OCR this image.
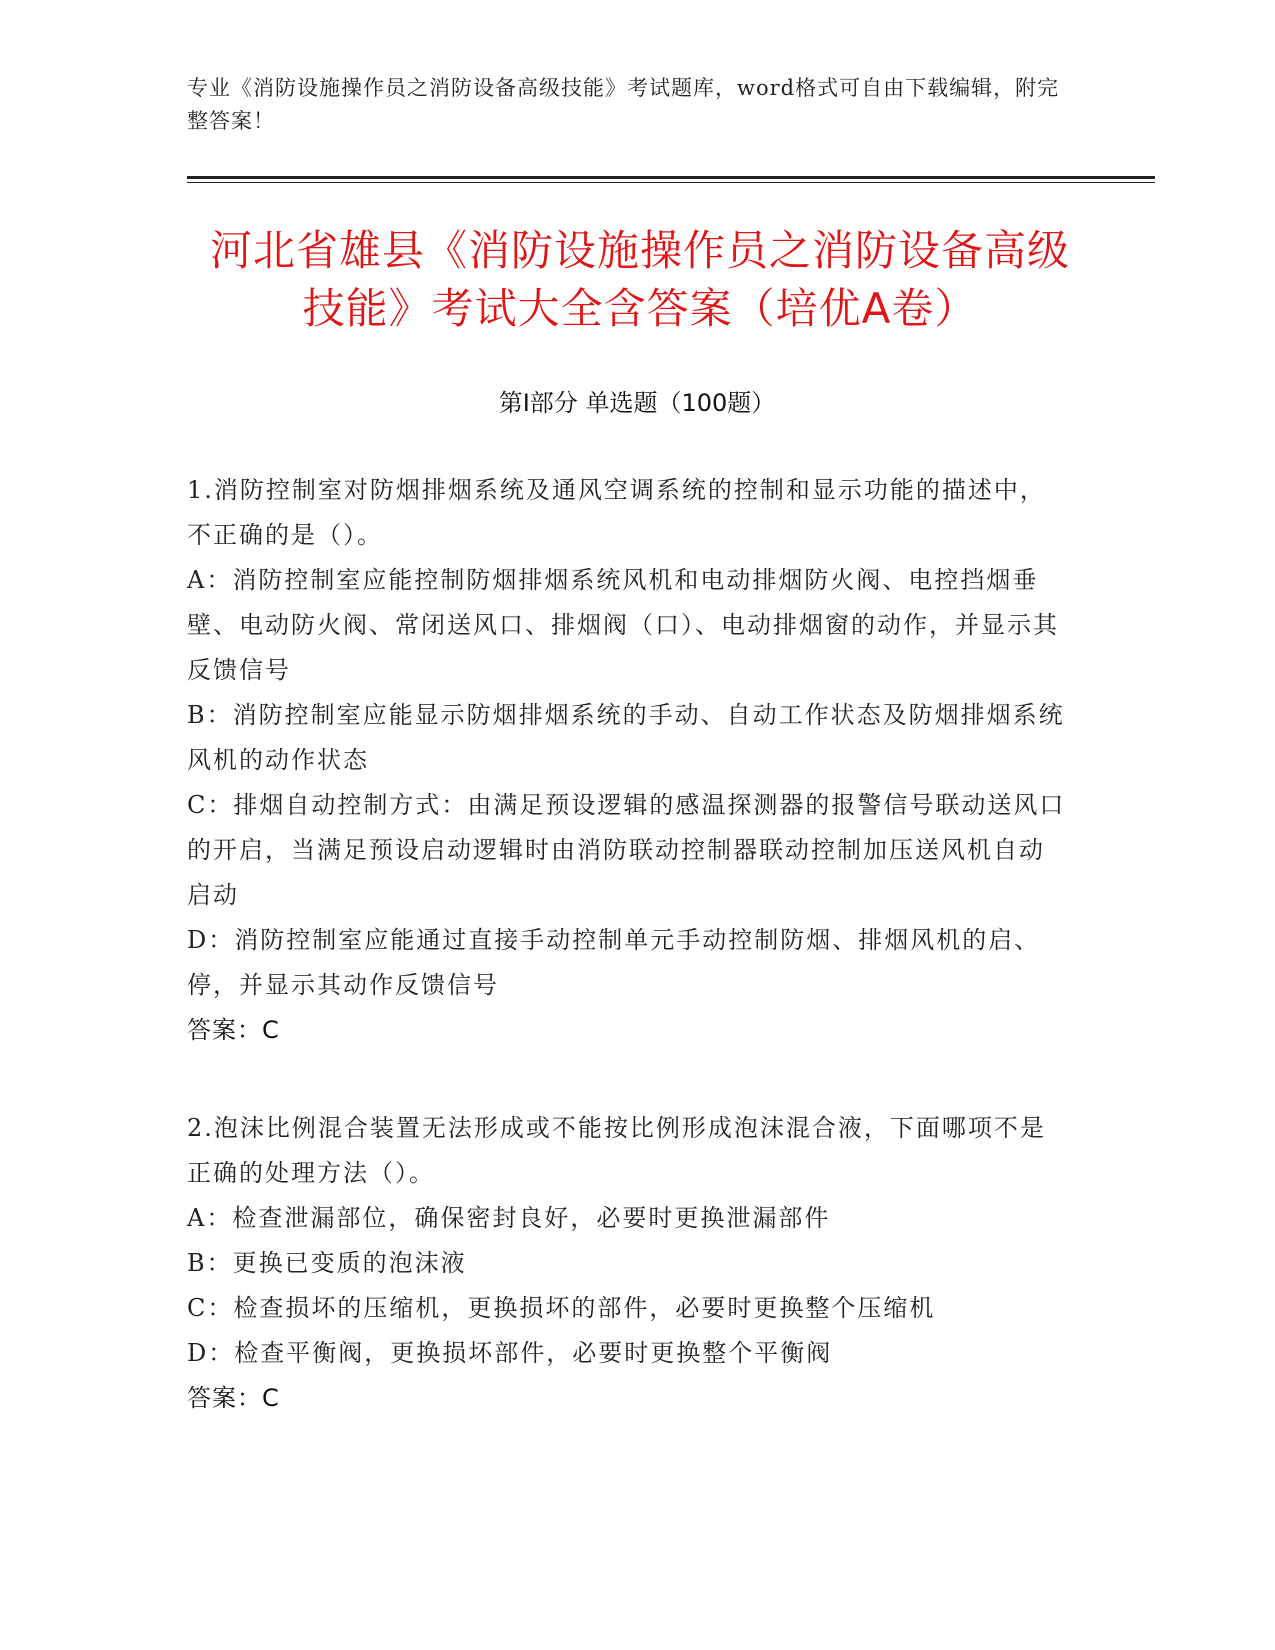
专业《消防设施操作员之消防设备高级技能》考试题库，word格式可自由下载编辑，附完整答案！
河北省雄县《消防设施操作员之消防设备高级技能》考试大全含答案（培优A卷）
第Ⅰ部分 单选题（100题）
1.消防控制室对防烟排烟系统及通风空调系统的控制和显示功能的描述中，不正确的是（）。
A：消防控制室应能控制防烟排烟系统风机和电动排烟防火阀、电控挡烟垂壁、电动防火阀、常闭送风口、排烟阀（口）、电动排烟窗的动作，并显示其反馈信号
B：消防控制室应能显示防烟排烟系统的手动、自动工作状态及防烟排烟系统风机的动作状态
C：排烟自动控制方式：由满足预设逻辑的感温探测器的报警信号联动送风口的开启，当满足预设启动逻辑时由消防联动控制器联动控制加压送风机自动启动
D：消防控制室应能通过直接手动控制单元手动控制防烟、排烟风机的启、停，并显示其动作反馈信号
答案：C
2.泡沫比例混合装置无法形成或不能按比例形成泡沫混合液，下面哪项不是正确的处理方法（）。
A：检查泄漏部位，确保密封良好，必要时更换泄漏部件
B：更换已变质的泡沫液
C：检查损坏的压缩机，更换损坏的部件，必要时更换整个压缩机
D：检查平衡阀，更换损坏部件，必要时更换整个平衡阀
答案：C
